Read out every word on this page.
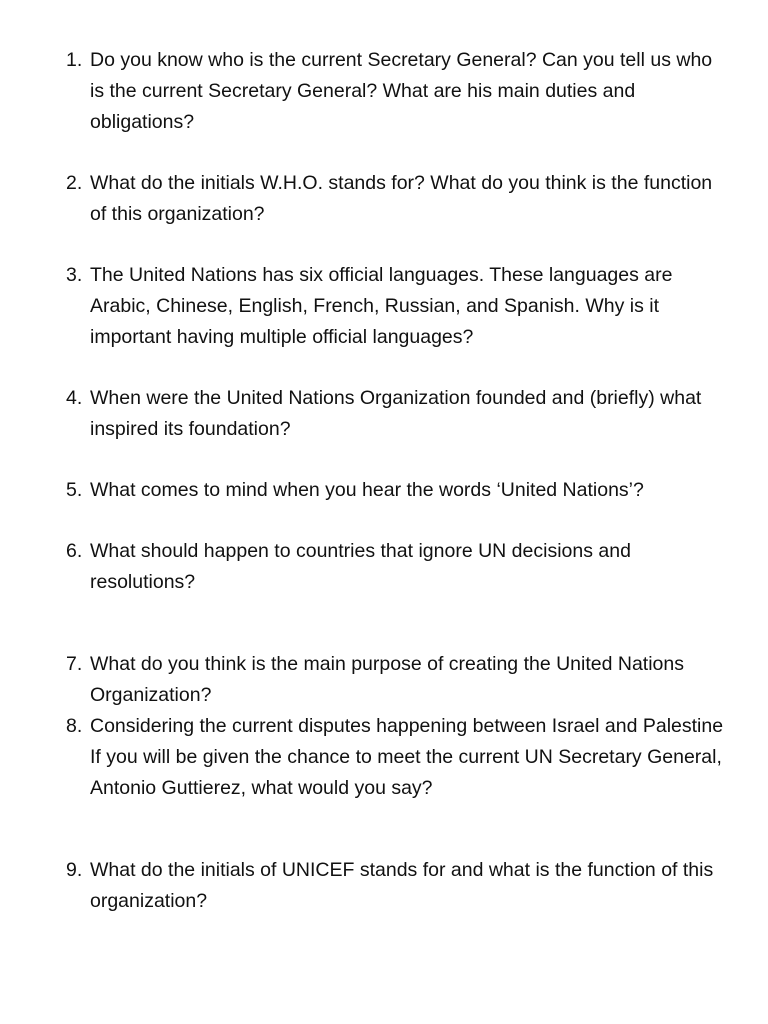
1. Do you know who is the current Secretary General? Can you tell us who is the current Secretary General? What are his main duties and obligations?
2. What do the initials W.H.O. stands for? What do you think is the function of this organization?
3. The United Nations has six official languages. These languages are Arabic, Chinese, English, French, Russian, and Spanish. Why is it important having multiple official languages?
4. When were the United Nations Organization founded and (briefly) what inspired its foundation?
5. What comes to mind when you hear the words ‘United Nations’?
6. What should happen to countries that ignore UN decisions and resolutions?
7. What do you think is the main purpose of creating the United Nations Organization?
8. Considering the current disputes happening between Israel and Palestine If you will be given the chance to meet the current UN Secretary General, Antonio Guttierez, what would you say?
9. What do the initials of UNICEF stands for and what is the function of this organization?
